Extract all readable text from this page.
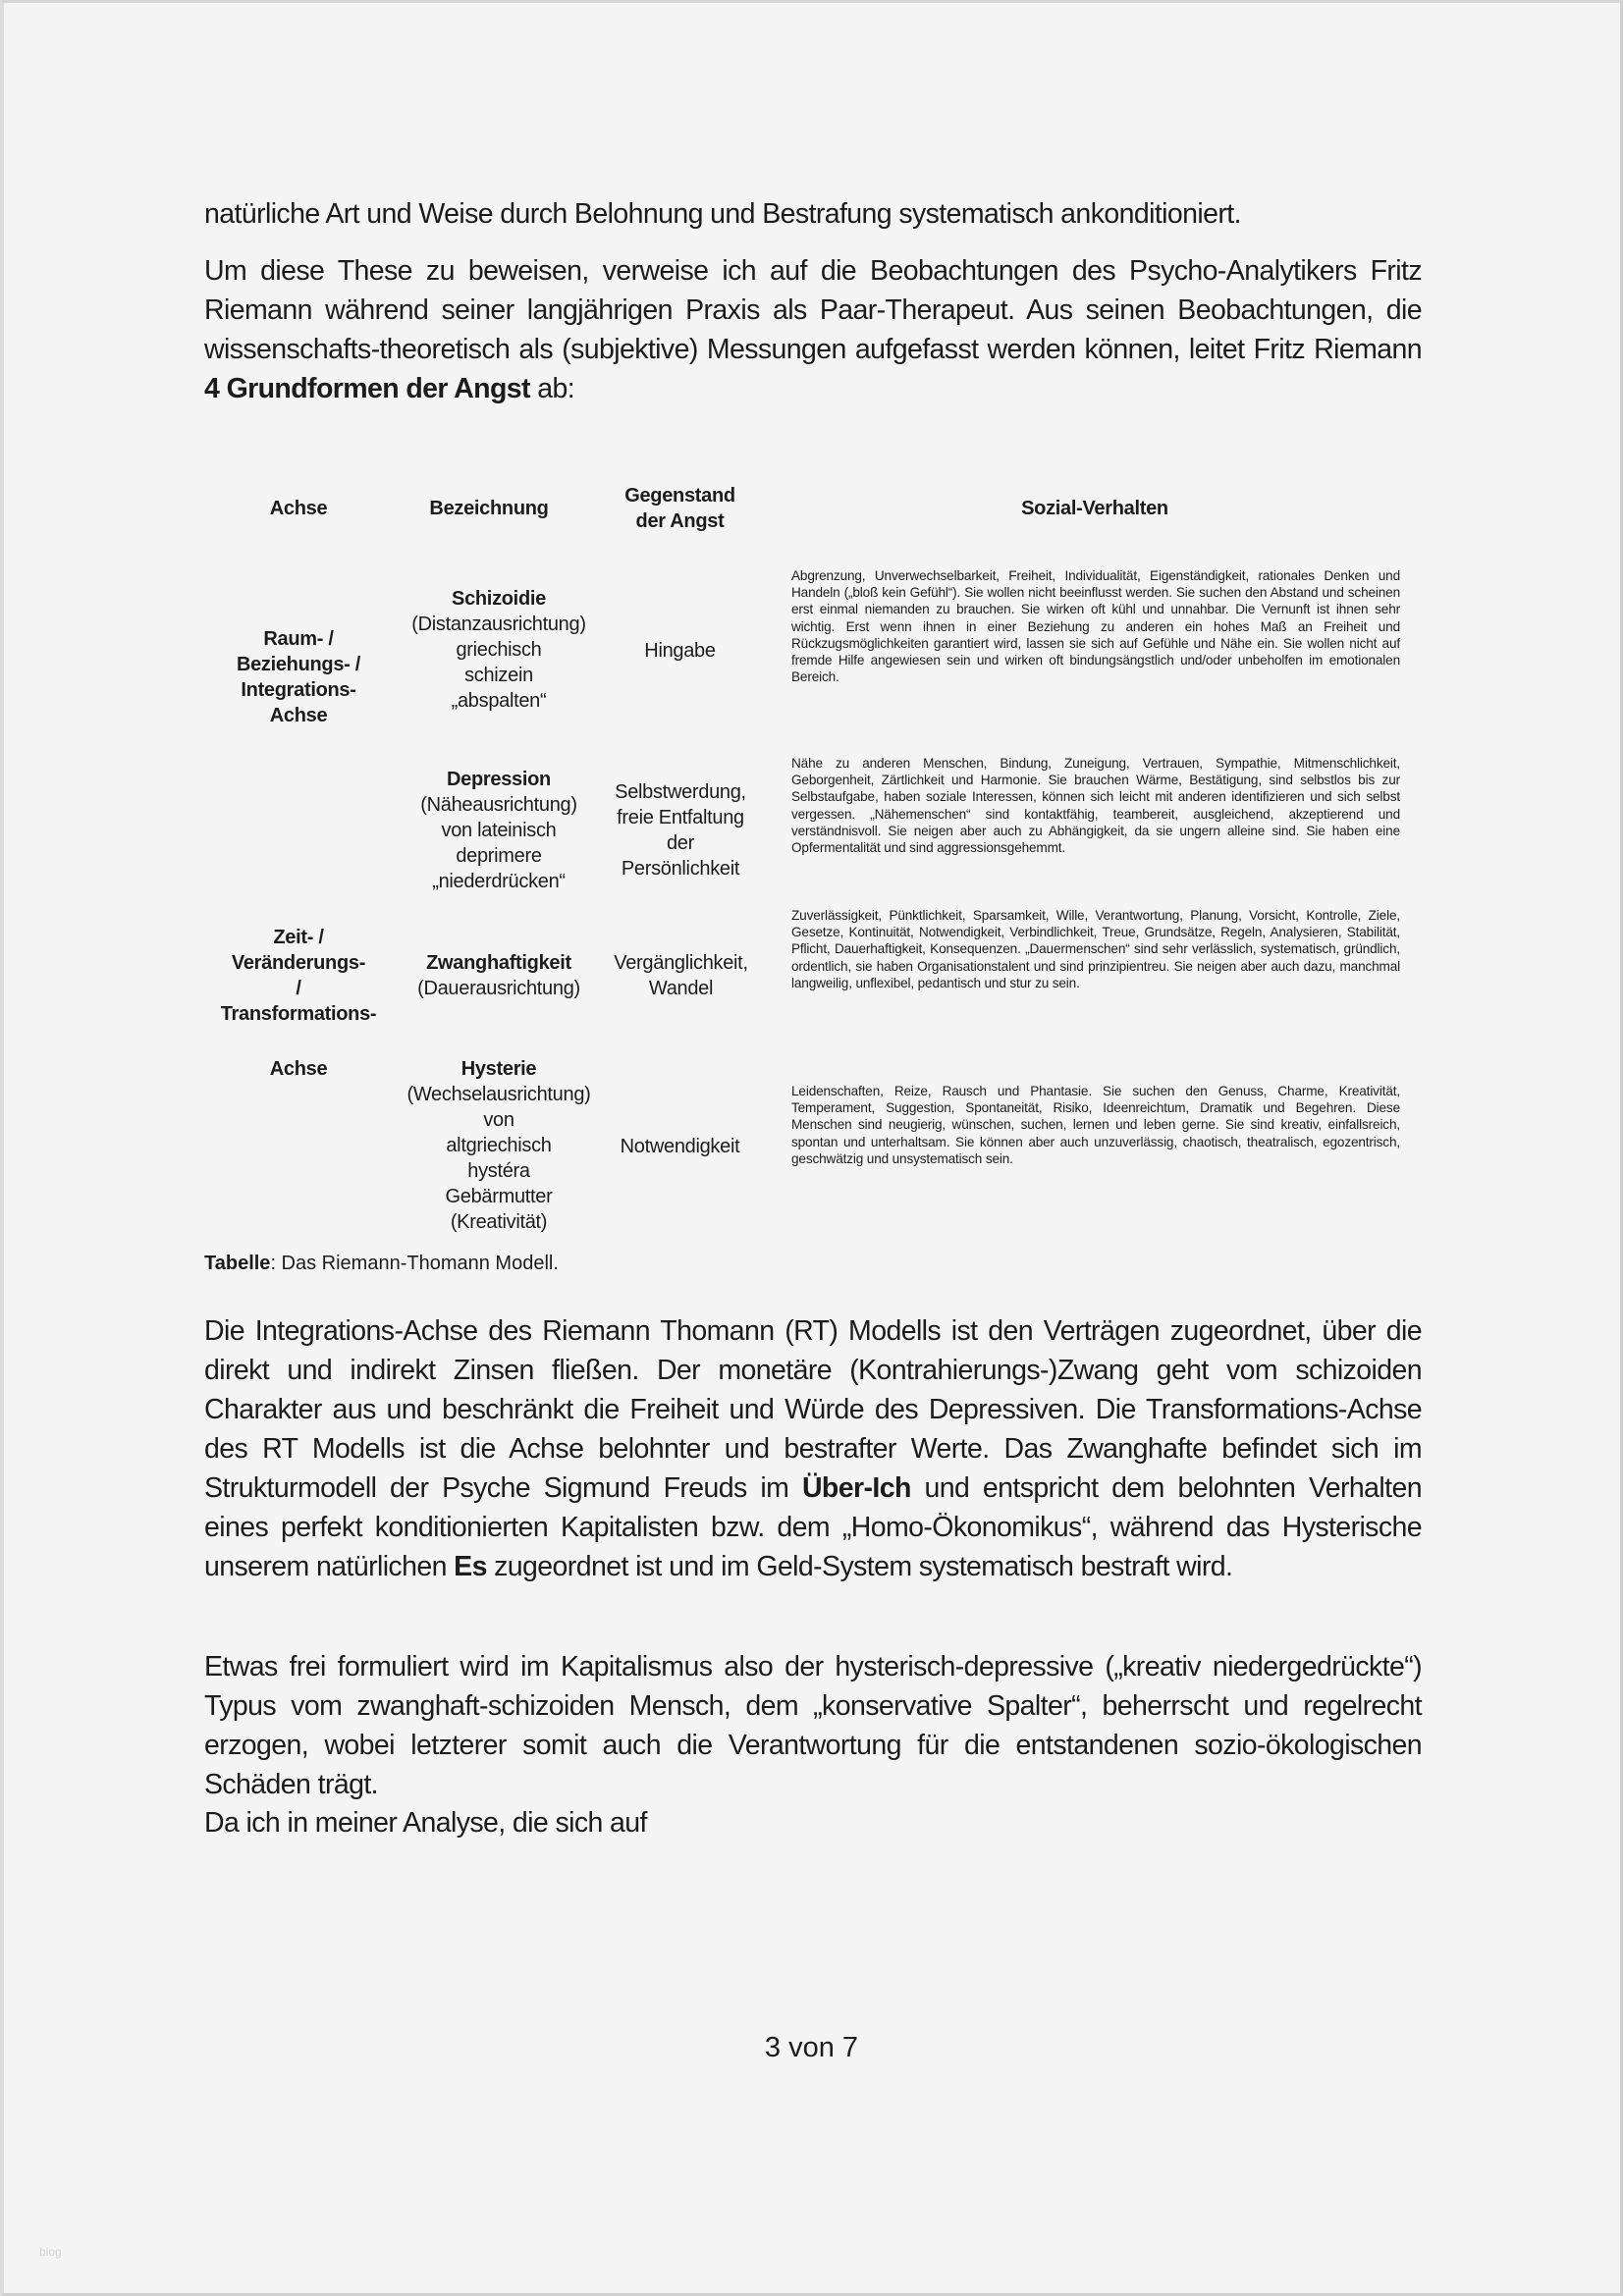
natürliche Art und Weise durch Belohnung und Bestrafung systematisch ankonditioniert.
Um diese These zu beweisen, verweise ich auf die Beobachtungen des Psycho-Analytikers Fritz Riemann während seiner langjährigen Praxis als Paar-Therapeut. Aus seinen Beobachtungen, die wissenschafts-theoretisch als (subjektive) Messungen aufgefasst werden können, leitet Fritz Riemann 4 Grundformen der Angst ab:
Achse	Bezeichnung
Gegenstand
der Angst
Sozial-Verhalten
Raum- /
Beziehungs- /
Integrations-
Achse
Zeit- /
Veränderungs-
/
Transformations-
Achse
Schizoidie
(Distanzausrichtung)
griechisch
schizein
„abspalten“
Hingabe
Abgrenzung, Unverwechselbarkeit, Freiheit, Individualität, Eigenständigkeit, rationales Denken und Handeln („bloß kein Gefühl“). Sie wollen nicht beeinflusst werden. Sie suchen den Abstand und scheinen erst einmal niemanden zu brauchen. Sie wirken oft kühl und unnahbar. Die Vernunft ist ihnen sehr wichtig. Erst wenn ihnen in einer Beziehung zu anderen ein hohes Maß an Freiheit und Rückzugsmöglichkeiten garantiert wird, lassen sie sich auf Gefühle und Nähe ein. Sie wollen nicht auf fremde Hilfe angewiesen sein und wirken oft bindungsängstlich und/oder unbeholfen im emotionalen Bereich.
Depression
(Näheausrichtung)
von lateinisch
deprimere
„niederdrücken“
Selbstwerdung,
freie Entfaltung
der
Persönlichkeit
Nähe zu anderen Menschen, Bindung, Zuneigung, Vertrauen, Sympathie, Mitmenschlichkeit, Geborgenheit, Zärtlichkeit und Harmonie. Sie brauchen Wärme, Bestätigung, sind selbstlos bis zur Selbstaufgabe, haben soziale Interessen, können sich leicht mit anderen identifizieren und sich selbst vergessen. „Nähemenschen“ sind kontaktfähig, teambereit, ausgleichend, akzeptierend und verständnisvoll. Sie neigen aber auch zu Abhängigkeit, da sie ungern alleine sind. Sie haben eine Opfermentalität und sind aggressionsgehemmt.
Zwanghaftigkeit
(Dauerausrichtung)
Vergänglichkeit,
Wandel
Zuverlässigkeit, Pünktlichkeit, Sparsamkeit, Wille, Verantwortung, Planung, Vorsicht, Kontrolle, Ziele, Gesetze, Kontinuität, Notwendigkeit, Verbindlichkeit, Treue, Grundsätze, Regeln, Analysieren, Stabilität, Pflicht, Dauerhaftigkeit, Konsequenzen. „Dauermenschen“ sind sehr verlässlich, systematisch, gründlich, ordentlich, sie haben Organisationstalent und sind prinzipientreu. Sie neigen aber auch dazu, manchmal langweilig, unflexibel, pedantisch und stur zu sein.
Hysterie
(Wechselausrichtung)
von
altgriechisch
hystéra
Gebärmutter
(Kreativität)
Notwendigkeit
Leidenschaften, Reize, Rausch und Phantasie. Sie suchen den Genuss, Charme, Kreativität, Temperament, Suggestion, Spontaneität, Risiko, Ideenreichtum, Dramatik und Begehren. Diese Menschen sind neugierig, wünschen, suchen, lernen und leben gerne. Sie sind kreativ, einfallsreich, spontan und unterhaltsam. Sie können aber auch unzuverlässig, chaotisch, theatralisch, egozentrisch, geschwätzig und unsystematisch sein.
Tabelle: Das Riemann-Thomann Modell.
Die Integrations-Achse des Riemann Thomann (RT) Modells ist den Verträgen zugeordnet, über die direkt und indirekt Zinsen fließen. Der monetäre (Kontrahierungs-)Zwang geht vom schizoiden Charakter aus und beschränkt die Freiheit und Würde des Depressiven. Die Transformations-Achse des RT Modells ist die Achse belohnter und bestrafter Werte. Das Zwanghafte befindet sich im Strukturmodell der Psyche Sigmund Freuds im Über-Ich und entspricht dem belohnten Verhalten eines perfekt konditionierten Kapitalisten bzw. dem „Homo-Ökonomikus“, während das Hysterische unserem natürlichen Es zugeordnet ist und im Geld-System systematisch bestraft wird.
Etwas frei formuliert wird im Kapitalismus also der hysterisch-depressive („kreativ niedergedrückte“) Typus vom zwanghaft-schizoiden Mensch, dem „konservative Spalter“, beherrscht und regelrecht erzogen, wobei letzterer somit auch die Verantwortung für die entstandenen sozio-ökologischen Schäden trägt.
Da ich in meiner Analyse, die sich auf
3 von 7
blog
